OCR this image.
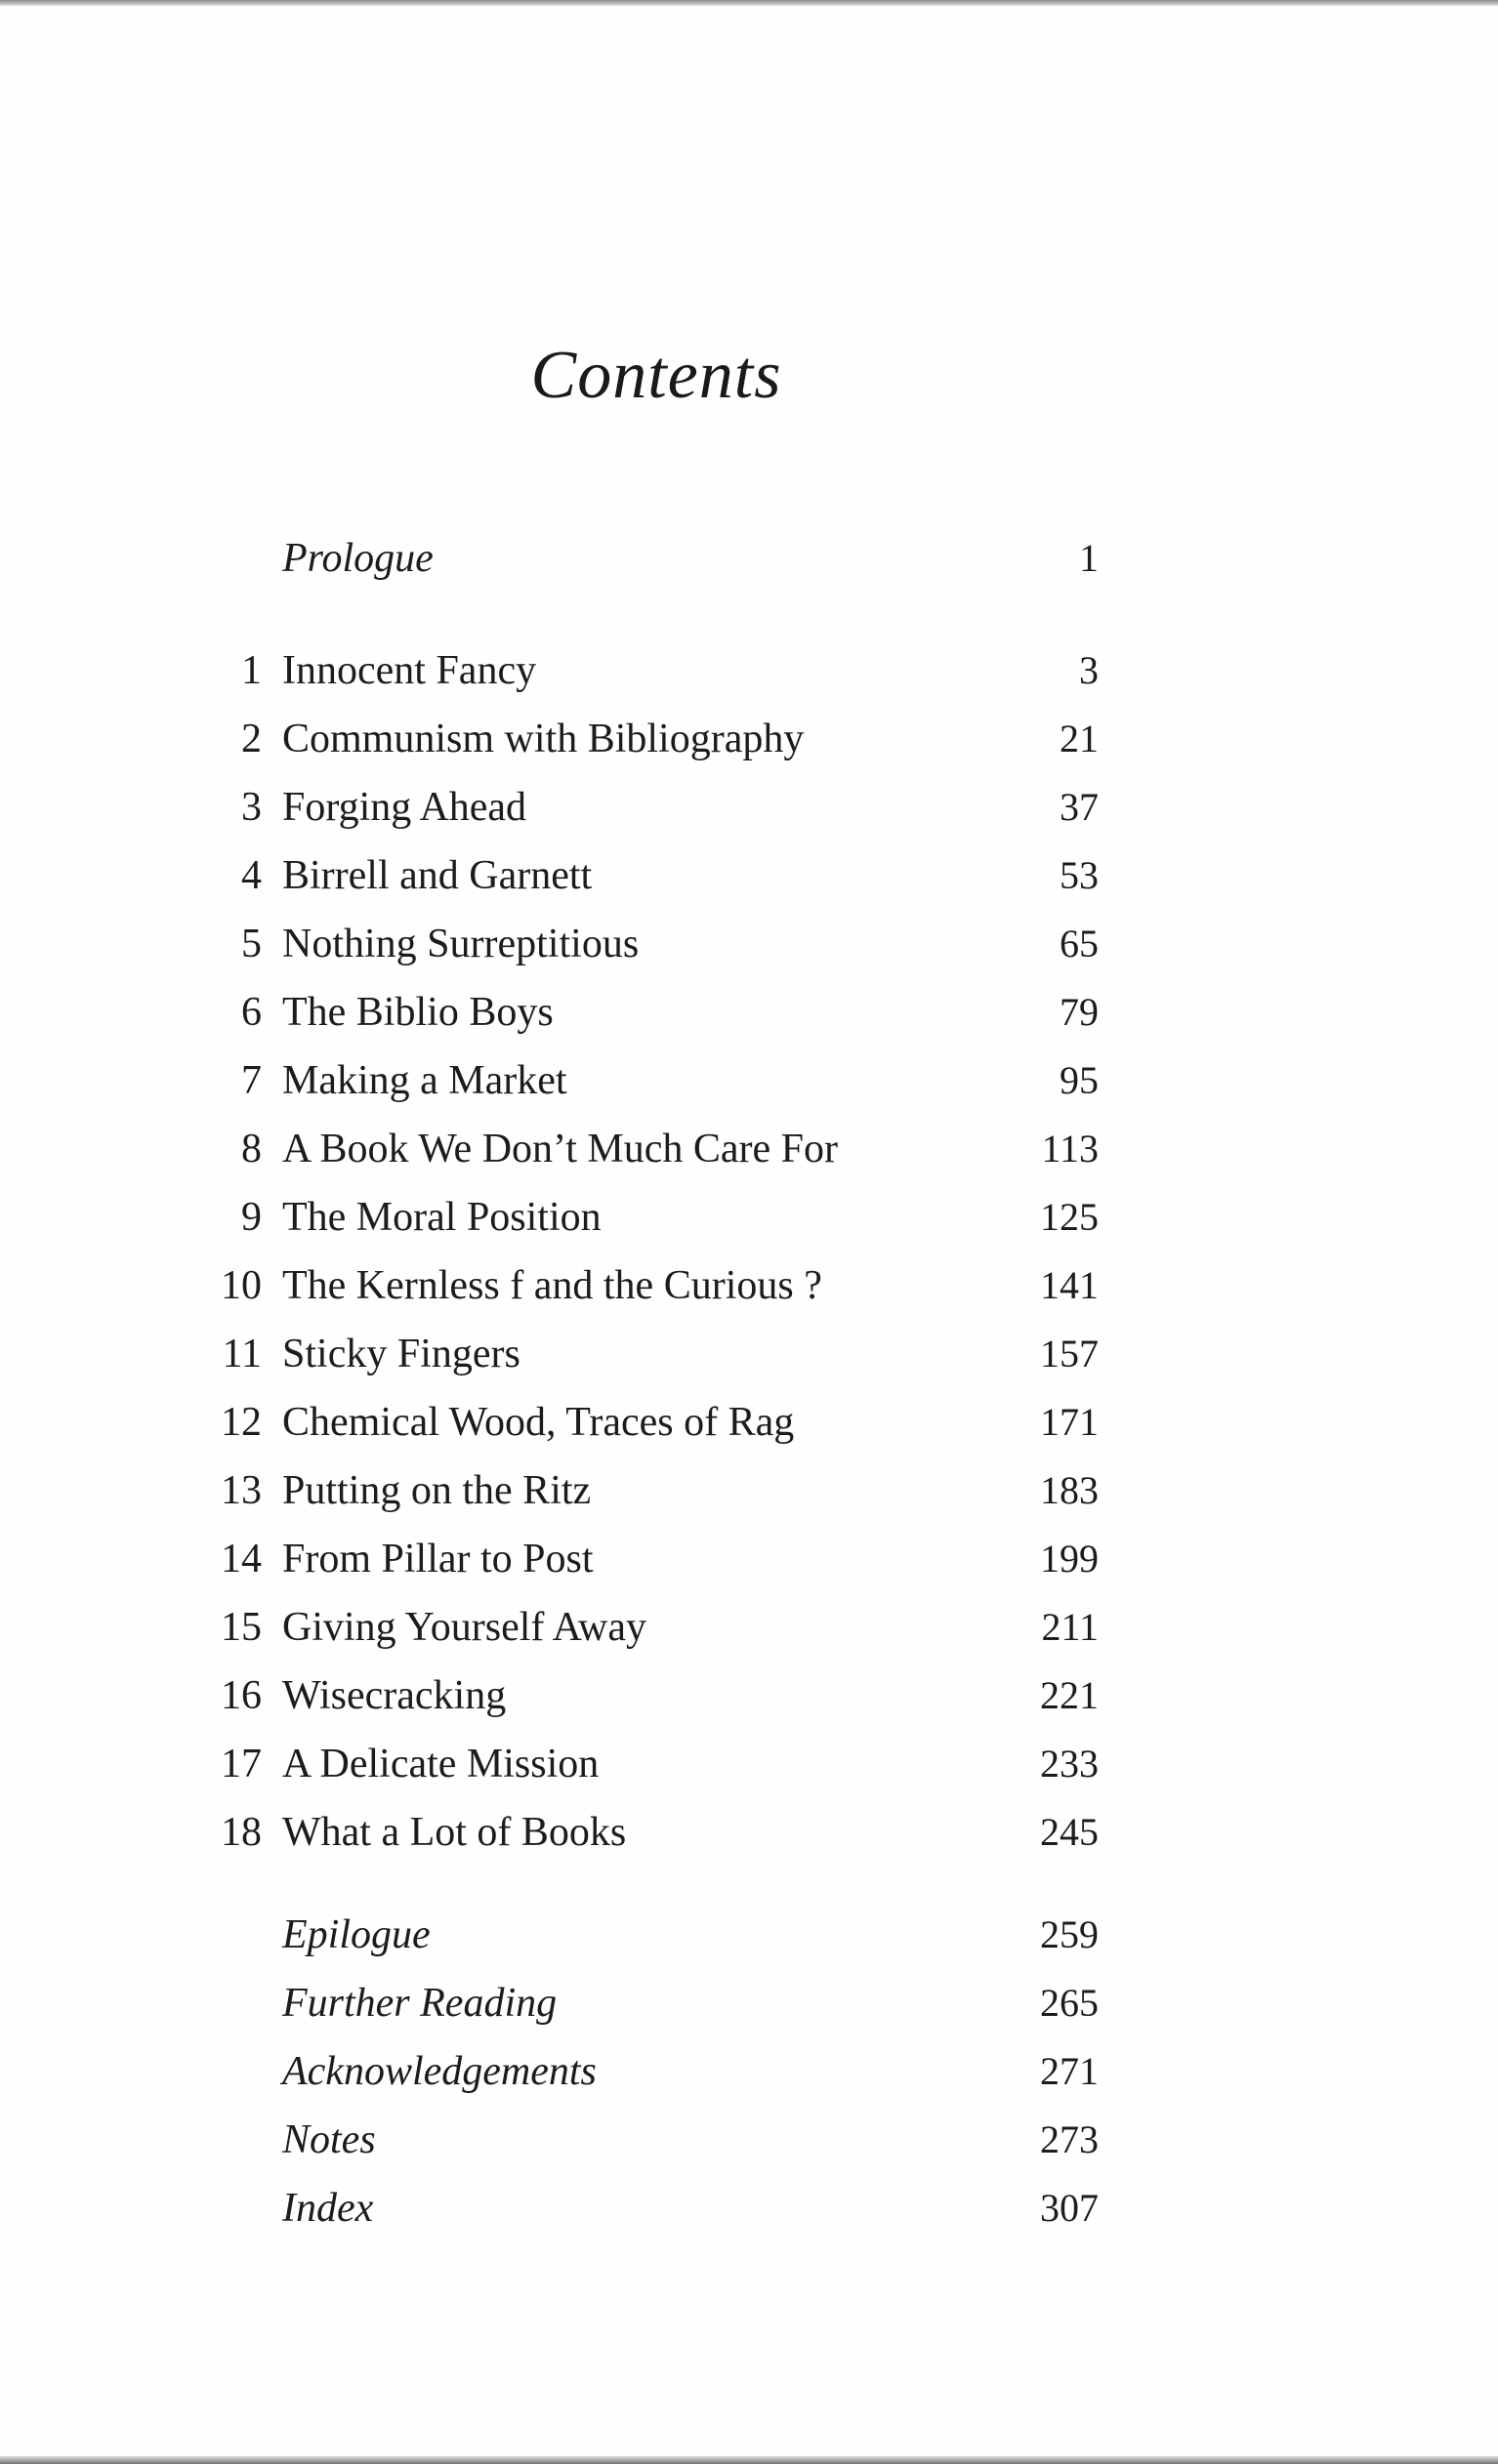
Contents
Prologue	1
1 Innocent Fancy	3
2 Communism with Bibliography	21
3 Forging Ahead	37
4 Birrell and Garnett	53
5 Nothing Surreptitious	65
6 The Biblio Boys	79
7 Making a Market	95
8 A Book We Don’t Much Care For	113
9 The Moral Position	125
10 The Kernless f and the Curious ?	141
11 Sticky Fingers	157
12 Chemical Wood, Traces of Rag	171
13 Putting on the Ritz	183
14 From Pillar to Post	199
15 Giving Yourself Away	211
16 Wisecracking	221
17 A Delicate Mission	233
18 What a Lot of Books	245
Epilogue	259
Further Reading	265
Acknowledgements	271
Notes	273
Index	307
